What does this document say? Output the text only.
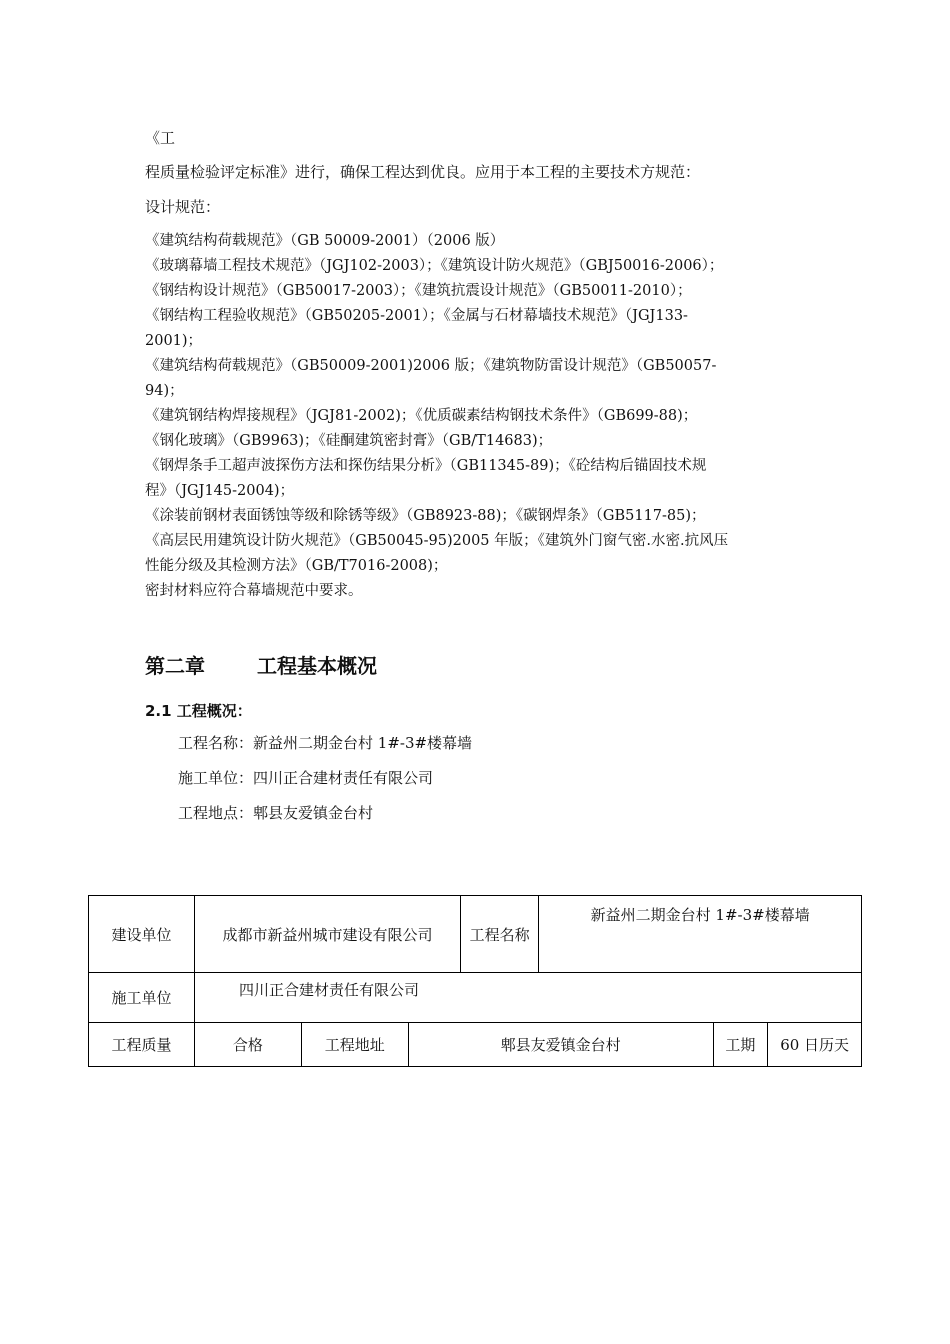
《工
程质量检验评定标准》进行，确保工程达到优良。应用于本工程的主要技术方规范：
设计规范：
《建筑结构荷载规范》（GB 50009-2001）（2006 版）
《玻璃幕墙工程技术规范》（JGJ102-2003）；《建筑设计防火规范》（GBJ50016-2006）；
《钢结构设计规范》（GB50017-2003）；《建筑抗震设计规范》（GB50011-2010）；
《钢结构工程验收规范》（GB50205-2001）；《金属与石材幕墙技术规范》（JGJ133-
2001)；
《建筑结构荷载规范》（GB50009-2001)2006 版；《建筑物防雷设计规范》（GB50057-
94)；
《建筑钢结构焊接规程》（JGJ81-2002)；《优质碳素结构钢技术条件》（GB699-88)；
《钢化玻璃》（GB9963)；《硅酮建筑密封膏》（GB/T14683)；
《钢焊条手工超声波探伤方法和探伤结果分析》（GB11345-89)；《砼结构后锚固技术规
程》（JGJ145-2004)；
《涂装前钢材表面锈蚀等级和除锈等级》（GB8923-88)；《碳钢焊条》（GB5117-85)；
《高层民用建筑设计防火规范》（GB50045-95)2005 年版；《建筑外门窗气密.水密.抗风压
性能分级及其检测方法》（GB/T7016-2008)；
密封材料应符合幕墙规范中要求。
第二章	工程基本概况
2.1 工程概况：
工程名称：新益州二期金台村 1#-3#楼幕墙
施工单位：四川正合建材责任有限公司
工程地点：郫县友爱镇金台村
建设单位	成都市新益州城市建设有限公司			工程名称	新益州二期金台村 1#-3#楼幕墙		
施工单位	四川正合建材责任有限公司						
工程质量	合格	工程地址	郫县友爱镇金台村			工期	60 日历天
